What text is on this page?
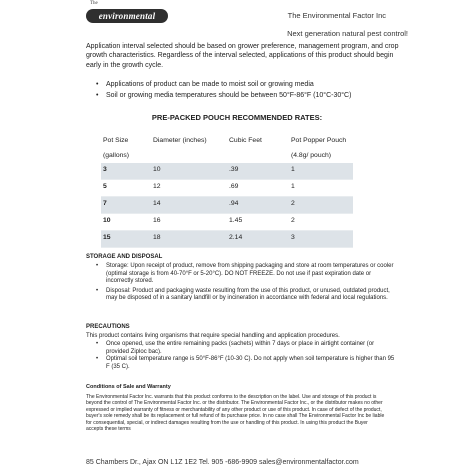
The
environmental factor
The Environmental Factor Inc
Next generation natural pest control!

Application interval selected should be based on grower preference, management program, and crop growth characteristics. Regardless of the interval selected, applications of this product should begin early in the growth cycle.

• Applications of product can be made to moist soil or growing media
• Soil or growing media temperatures should be between 50°F-86°F (10°C-30°C)
PRE-PACKED POUCH RECOMMENDED RATES:
Pot Size
(gallons)
Diameter (inches)	Cubic Feet	Pot Popper Pouch
(4.8g/ pouch)
3	10	.39	1
5	12	.69	1
7	14	.94	2
10	16	1.45	2
15	18	2.14	3
STORAGE AND DISPOSAL
• Storage: Upon receipt of product, remove from shipping packaging and store at room temperatures or cooler (optimal storage is from 40-70°F or 5-20°C). DO NOT FREEZE. Do not use if past expiration date or incorrectly stored.
• Disposal: Product and packaging waste resulting from the use of this product, or unused, outdated product, may be disposed of in a sanitary landfill or by incineration in accordance with federal and local regulations.
PRECAUTIONS

This product contains living organisms that require special handling and application procedures.

• Once opened, use the entire remaining packs (sachets) within 7 days or place in airtight container (or provided Ziploc bac).
• Optimal soil temperature range is 50°F-86°F (10-30 C). Do not apply when soil temperature is higher than 95 F (35 C).
Conditions of Sale and Warranty

The Environmental Factor Inc. warrants that this product conforms to the description on the label. Use and storage of this product is beyond the control of The Environmental Factor Inc. or the distributor. The Environmental Factor Inc., or the distributor makes no other expressed or implied warranty of fitness or merchantability of any other product or use of this product. In case of defect of the product, buyer's sole remedy shall be its replacement or full refund of its purchase price. In no case shall The Environmental Factor Inc be liable for consequential, special, or indirect damages resulting from the use or handling of this product. In using this product the Buyer accepts these terms

85 Chambers Dr., Ajax ON L1Z 1E2 Tel. 905 -686-9909 sales@environmentalfactor.com
